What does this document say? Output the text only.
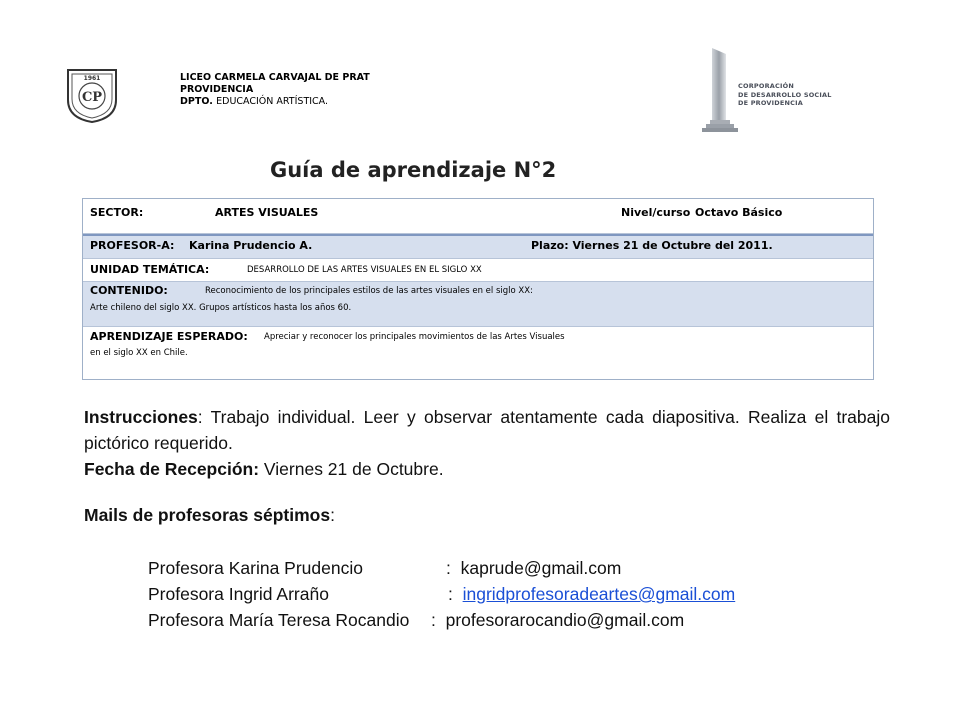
1961
CP
LICEO CARMELA CARVAJAL DE PRAT
PROVIDENCIA
DPTO. EDUCACIÓN ARTÍSTICA.
CORPORACIÓN
DE DESARROLLO SOCIAL
DE PROVIDENCIA
Guía de aprendizaje N°2
SECTOR:	ARTES VISUALES	Nivel/curso Octavo Básico
PROFESOR-A: Karina Prudencio A.	Plazo: Viernes 21 de Octubre del 2011.
UNIDAD TEMÁTICA:	DESARROLLO DE LAS ARTES VISUALES EN EL SIGLO XX
CONTENIDO:	Reconocimiento de los principales estilos de las artes visuales en el siglo XX:
Arte chileno del siglo XX. Grupos artísticos hasta los años 60.
APRENDIZAJE ESPERADO: Apreciar y reconocer los principales movimientos de las Artes Visuales
en el siglo XX en Chile.
Instrucciones: Trabajo individual. Leer y observar atentamente cada diapositiva. Realiza el trabajo pictórico requerido.
Fecha de Recepción: Viernes 21 de Octubre.
Mails de profesoras séptimos:
Profesora Karina Prudencio	: kaprude@gmail.com
Profesora Ingrid Arraño	: ingridprofesoradeartes@gmail.com
Profesora María Teresa Rocandio : profesorarocandio@gmail.com
